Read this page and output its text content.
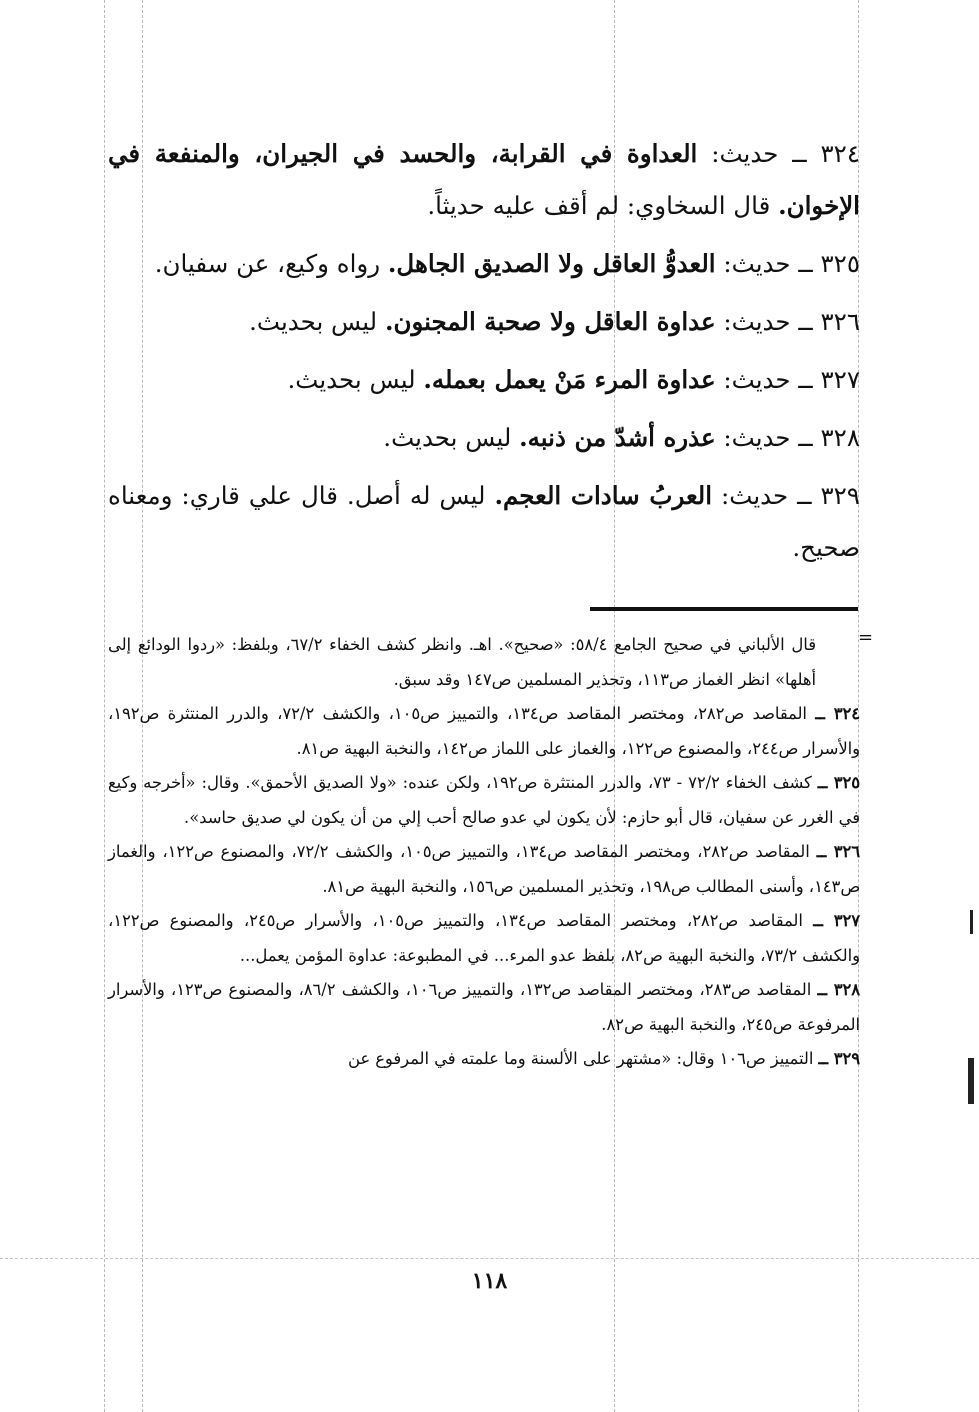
٣٢٤ ــ حديث: العداوة في القرابة، والحسد في الجيران، والمنفعة في الإخوان. قال السخاوي: لم أقف عليه حديثاً.

٣٢٥ ــ حديث: العدوُّ العاقل ولا الصديق الجاهل. رواه وكيع، عن سفيان.

٣٢٦ ــ حديث: عداوة العاقل ولا صحبة المجنون. ليس بحديث.

٣٢٧ ــ حديث: عداوة المرء مَنْ يعمل بعمله. ليس بحديث.

٣٢٨ ــ حديث: عذره أشدّ من ذنبه. ليس بحديث.

٣٢٩ ــ حديث: العربُ سادات العجم. ليس له أصل. قال علي قاري: ومعناه صحيح.

=

قال الألباني في صحيح الجامع ٥٨/٤: «صحيح». اهـ. وانظر كشف الخفاء ٦٧/٢، وبلفظ: «ردوا الودائع إلى أهلها» انظر الغماز ص١١٣، وتحذير المسلمين ص١٤٧ وقد سبق.

٣٢٤ ــ المقاصد ص٢٨٢، ومختصر المقاصد ص١٣٤، والتمييز ص١٠٥، والكشف ٧٢/٢، والدرر المنتثرة ص١٩٢، والأسرار ص٢٤٤، والمصنوع ص١٢٢، والغماز على اللماز ص١٤٢، والنخبة البهية ص٨١.

٣٢٥ ــ كشف الخفاء ٧٢/٢ - ٧٣، والدرر المنتثرة ص١٩٢، ولكن عنده: «ولا الصديق الأحمق». وقال: «أخرجه وكيع في الغرر عن سفيان، قال أبو حازم: لأن يكون لي عدو صالح أحب إلي من أن يكون لي صديق حاسد».

٣٢٦ ــ المقاصد ص٢٨٢، ومختصر المقاصد ص١٣٤، والتمييز ص١٠٥، والكشف ٧٢/٢، والمصنوع ص١٢٢، والغماز ص١٤٣، وأسنى المطالب ص١٩٨، وتحذير المسلمين ص١٥٦، والنخبة البهية ص٨١.

٣٢٧ ــ المقاصد ص٢٨٢، ومختصر المقاصد ص١٣٤، والتمييز ص١٠٥، والأسرار ص٢٤٥، والمصنوع ص١٢٢، والكشف ٧٣/٢، والنخبة البهية ص٨٢، بلفظ عدو المرء... في المطبوعة: عداوة المؤمن يعمل...

٣٢٨ ــ المقاصد ص٢٨٣، ومختصر المقاصد ص١٣٢، والتمييز ص١٠٦، والكشف ٨٦/٢، والمصنوع ص١٢٣، والأسرار المرفوعة ص٢٤٥، والنخبة البهية ص٨٢.

٣٢٩ ــ التمييز ص١٠٦ وقال: «مشتهر على الألسنة وما علمته في المرفوع عن

١١٨
